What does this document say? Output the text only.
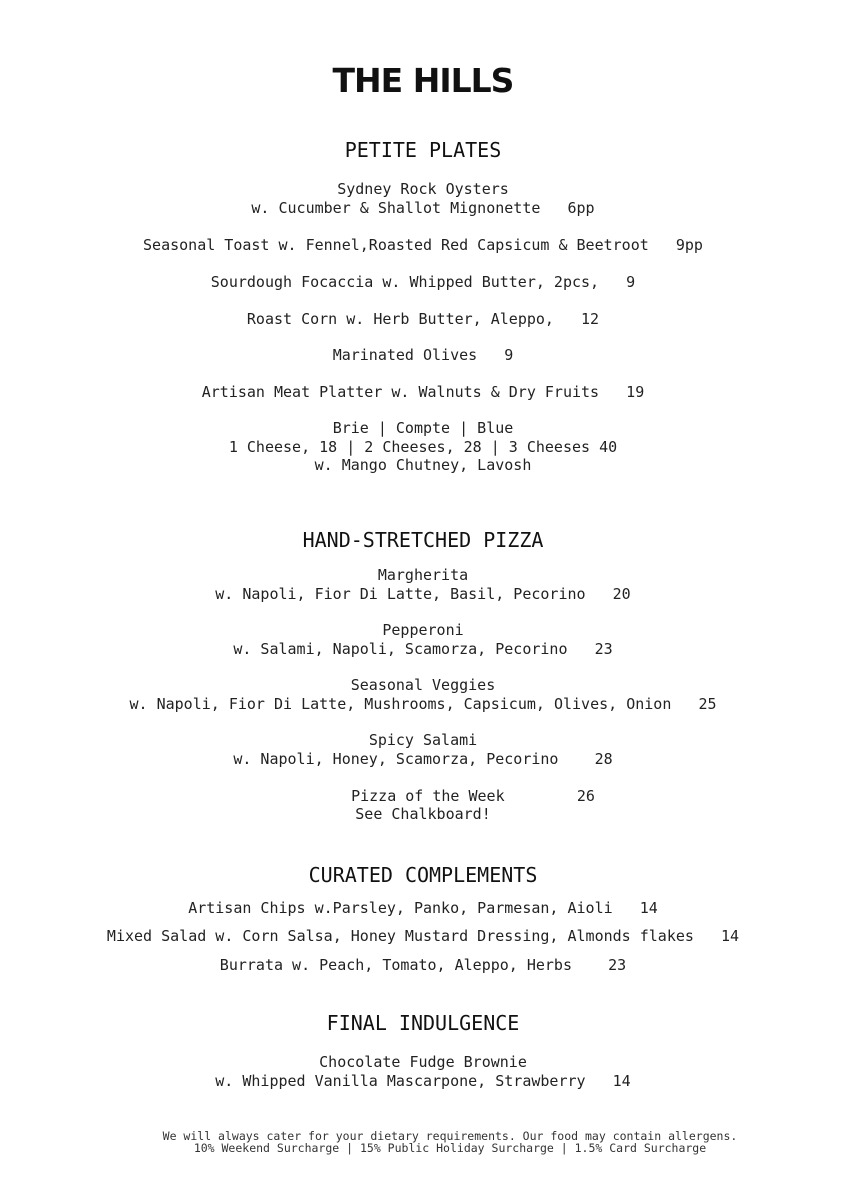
THE HILLS
PETITE PLATES
Sydney Rock Oysters
w. Cucumber & Shallot Mignonette   6pp
Seasonal Toast w. Fennel,Roasted Red Capsicum & Beetroot   9pp
Sourdough Focaccia w. Whipped Butter, 2pcs,   9
Roast Corn w. Herb Butter, Aleppo,   12
Marinated Olives   9
Artisan Meat Platter w. Walnuts & Dry Fruits   19
Brie | Compte | Blue
1 Cheese, 18 | 2 Cheeses, 28 | 3 Cheeses 40
w. Mango Chutney, Lavosh
HAND-STRETCHED PIZZA
Margherita
w. Napoli, Fior Di Latte, Basil, Pecorino   20
Pepperoni
w. Salami, Napoli, Scamorza, Pecorino   23
Seasonal Veggies
w. Napoli, Fior Di Latte, Mushrooms, Capsicum, Olives, Onion   25
Spicy Salami
w. Napoli, Honey, Scamorza, Pecorino    28
Pizza of the Week        26
See Chalkboard!
CURATED COMPLEMENTS
Artisan Chips w.Parsley, Panko, Parmesan, Aioli   14
Mixed Salad w. Corn Salsa, Honey Mustard Dressing, Almonds flakes   14
Burrata w. Peach, Tomato, Aleppo, Herbs    23
FINAL INDULGENCE
Chocolate Fudge Brownie
w. Whipped Vanilla Mascarpone, Strawberry   14
We will always cater for your dietary requirements. Our food may contain allergens.
10% Weekend Surcharge | 15% Public Holiday Surcharge | 1.5% Card Surcharge
